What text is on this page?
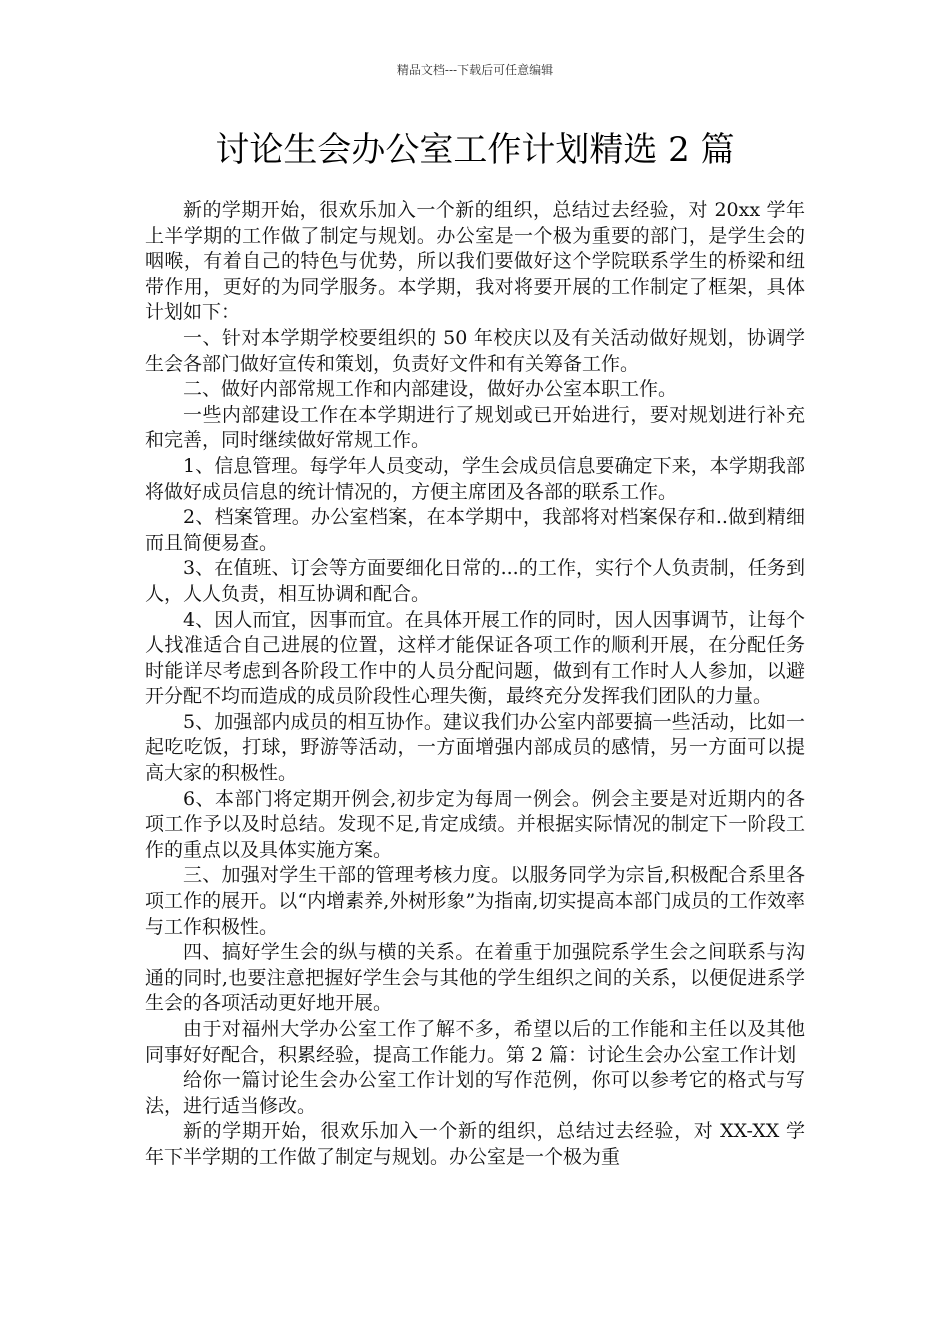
精品文档---下载后可任意编辑
讨论生会办公室工作计划精选 2 篇

新的学期开始，很欢乐加入一个新的组织，总结过去经验，对 20xx 学年上半学期的工作做了制定与规划。办公室是一个极为重要的部门，是学生会的咽喉，有着自己的特色与优势，所以我们要做好这个学院联系学生的桥梁和纽带作用，更好的为同学服务。本学期，我对将要开展的工作制定了框架，具体计划如下：

一、针对本学期学校要组织的 50 年校庆以及有关活动做好规划，协调学生会各部门做好宣传和策划，负责好文件和有关筹备工作。

二、做好内部常规工作和内部建设，做好办公室本职工作。

一些内部建设工作在本学期进行了规划或已开始进行，要对规划进行补充和完善，同时继续做好常规工作。

1、信息管理。每学年人员变动，学生会成员信息要确定下来，本学期我部将做好成员信息的统计情况的，方便主席团及各部的联系工作。

2、档案管理。办公室档案，在本学期中，我部将对档案保存和..做到精细而且简便易查。

3、在值班、订会等方面要细化日常的...的工作，实行个人负责制，任务到人，人人负责，相互协调和配合。

4、因人而宜，因事而宜。在具体开展工作的同时，因人因事调节，让每个人找准适合自己进展的位置，这样才能保证各项工作的顺利开展，在分配任务时能详尽考虑到各阶段工作中的人员分配问题，做到有工作时人人参加，以避开分配不均而造成的成员阶段性心理失衡，最终充分发挥我们团队的力量。

5、加强部内成员的相互协作。建议我们办公室内部要搞一些活动，比如一起吃吃饭，打球，野游等活动，一方面增强内部成员的感情，另一方面可以提高大家的积极性。

6、本部门将定期开例会,初步定为每周一例会。例会主要是对近期内的各项工作予以及时总结。发现不足,肯定成绩。并根据实际情况的制定下一阶段工作的重点以及具体实施方案。

三、加强对学生干部的管理考核力度。以服务同学为宗旨,积极配合系里各项工作的展开。以“内增素养,外树形象”为指南,切实提高本部门成员的工作效率与工作积极性。

四、搞好学生会的纵与横的关系。在着重于加强院系学生会之间联系与沟通的同时,也要注意把握好学生会与其他的学生组织之间的关系，以便促进系学生会的各项活动更好地开展。

由于对福州大学办公室工作了解不多，希望以后的工作能和主任以及其他同事好好配合，积累经验，提高工作能力。第 2 篇：讨论生会办公室工作计划

给你一篇讨论生会办公室工作计划的写作范例，你可以参考它的格式与写法，进行适当修改。

新的学期开始，很欢乐加入一个新的组织，总结过去经验，对 XX-XX 学年下半学期的工作做了制定与规划。办公室是一个极为重
